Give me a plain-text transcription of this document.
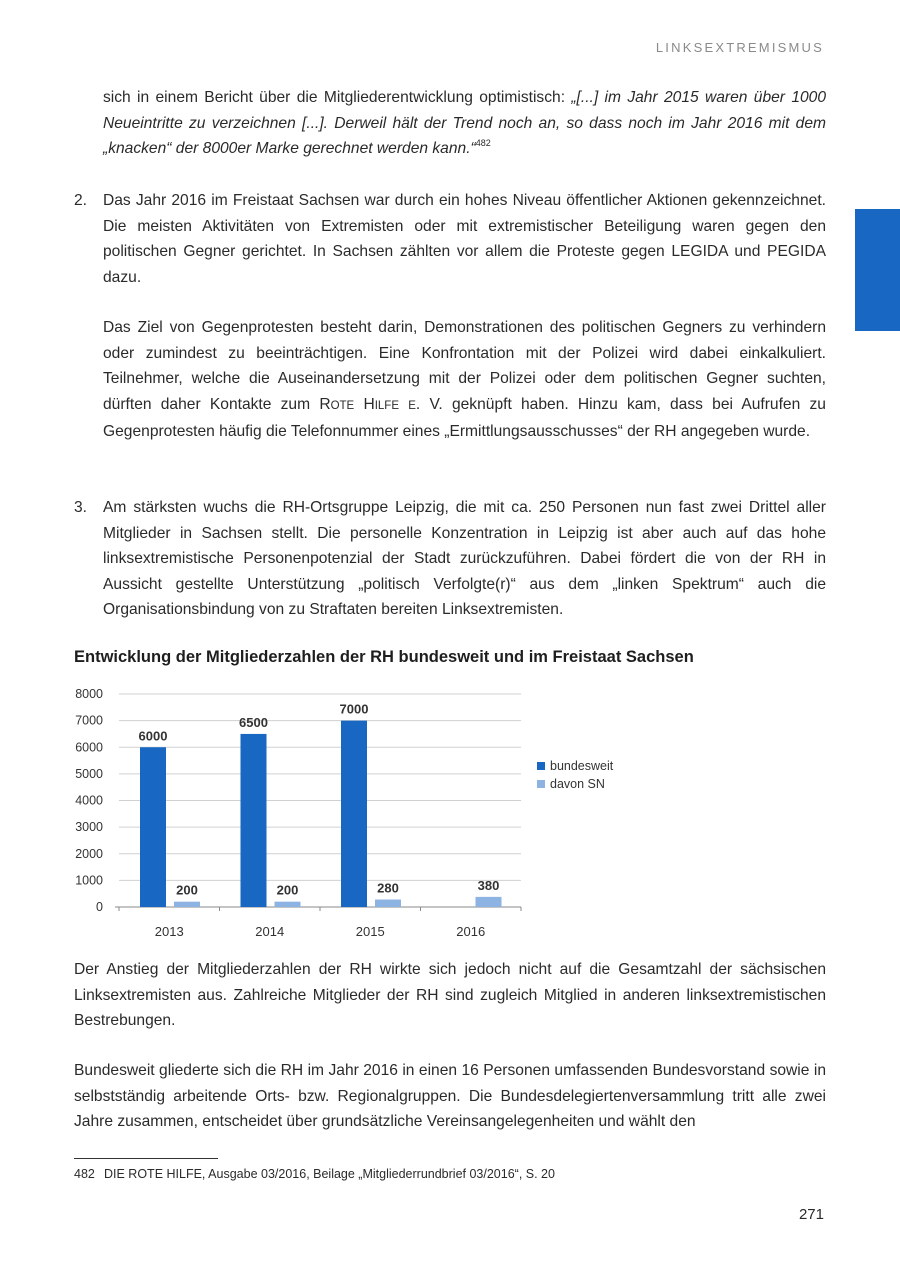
LINKSEXTREMISMUS
sich in einem Bericht über die Mitgliederentwicklung optimistisch: „[...] im Jahr 2015 waren über 1000 Neueintritte zu verzeichnen [...]. Derweil hält der Trend noch an, so dass noch im Jahr 2016 mit dem „knacken“ der 8000er Marke gerechnet werden kann.“$^{482}$
2. Das Jahr 2016 im Freistaat Sachsen war durch ein hohes Niveau öffentlicher Aktionen gekennzeichnet. Die meisten Aktivitäten von Extremisten oder mit extremistischer Beteiligung waren gegen den politischen Gegner gerichtet. In Sachsen zählten vor allem die Proteste gegen LEGIDA und PEGIDA dazu.
Das Ziel von Gegenprotesten besteht darin, Demonstrationen des politischen Gegners zu verhindern oder zumindest zu beeinträchtigen. Eine Konfrontation mit der Polizei wird dabei einkalkuliert. Teilnehmer, welche die Auseinandersetzung mit der Polizei oder dem politischen Gegner suchten, dürften daher Kontakte zum ROTE HILFE E. V. geknüpft haben. Hinzu kam, dass bei Aufrufen zu Gegenprotesten häufig die Telefonnummer eines „Ermittlungsausschusses“ der RH angegeben wurde.
3. Am stärksten wuchs die RH-Ortsgruppe Leipzig, die mit ca. 250 Personen nun fast zwei Drittel aller Mitglieder in Sachsen stellt. Die personelle Konzentration in Leipzig ist aber auch auf das hohe linksextremistische Personenpotenzial der Stadt zurückzuführen. Dabei fördert die von der RH in Aussicht gestellte Unterstützung „politisch Verfolgte(r)“ aus dem „linken Spektrum“ auch die Organisationsbindung von zu Straftaten bereiten Linksextremisten.
Entwicklung der Mitgliederzahlen der RH bundesweit und im Freistaat Sachsen
0
1000
2000
3000
4000
5000
6000
7000
8000
2013	2014	2015	2016
6000
6500
7000
200	200	280	380
bundesweit
davon SN
Der Anstieg der Mitgliederzahlen der RH wirkte sich jedoch nicht auf die Gesamtzahl der sächsischen Linksextremisten aus. Zahlreiche Mitglieder der RH sind zugleich Mitglied in anderen linksextremistischen Bestrebungen.
Bundesweit gliederte sich die RH im Jahr 2016 in einen 16 Personen umfassenden Bundesvorstand sowie in selbstständig arbeitende Orts- bzw. Regionalgruppen. Die Bundesdelegiertenversammlung tritt alle zwei Jahre zusammen, entscheidet über grundsätzliche Vereinsangelegenheiten und wählt den
482 DIE ROTE HILFE, Ausgabe 03/2016, Beilage „Mitgliederrundbrief 03/2016“, S. 20
271
